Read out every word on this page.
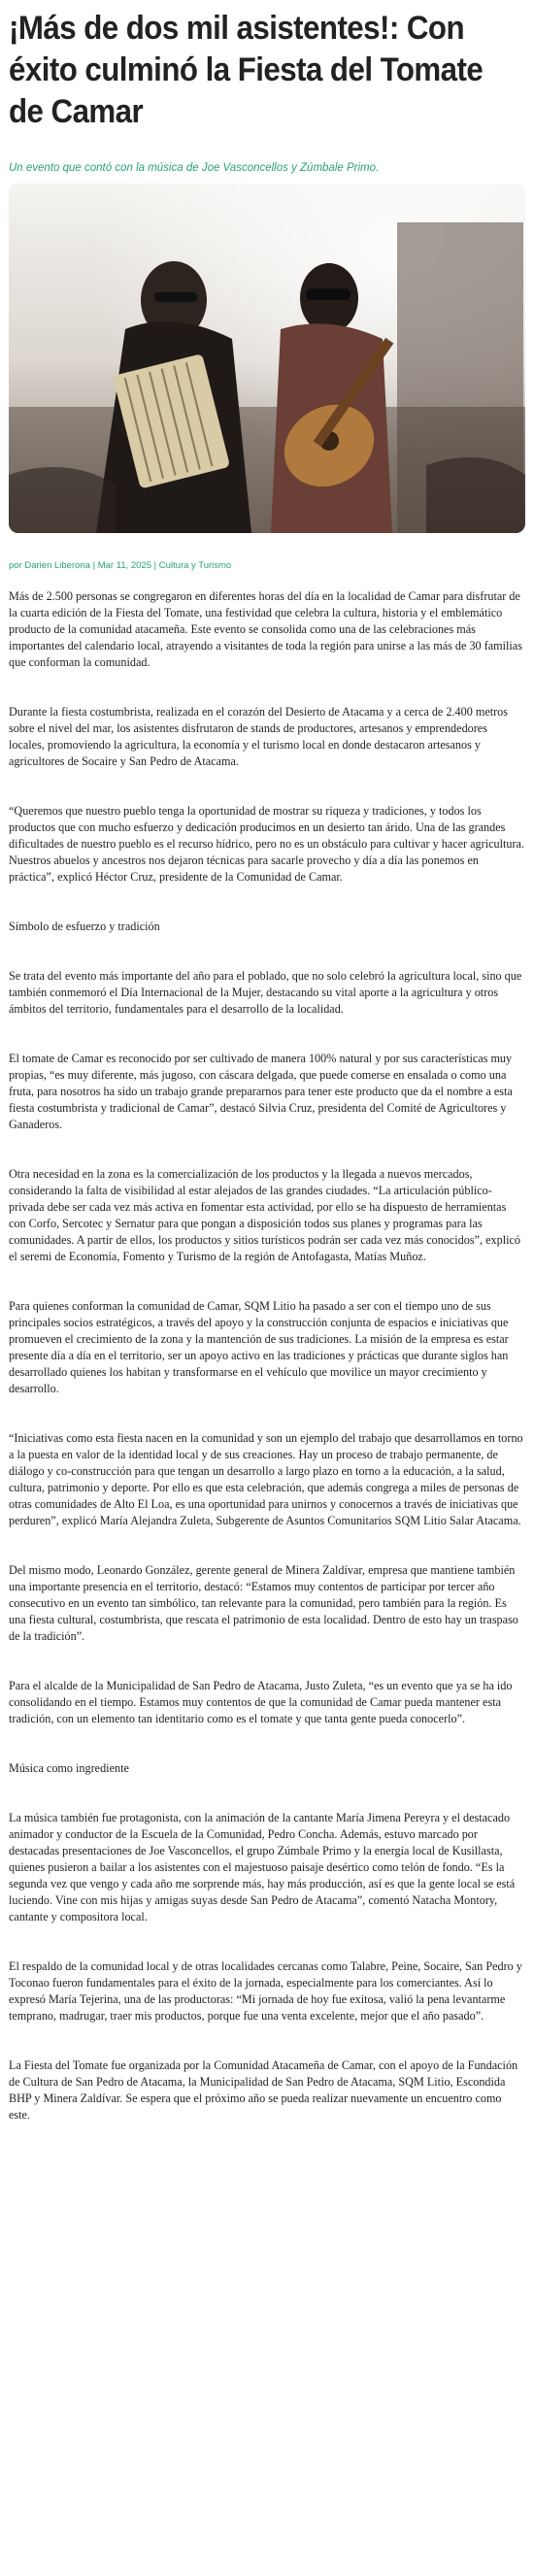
¡Más de dos mil asistentes!: Con éxito culminó la Fiesta del Tomate de Camar
Un evento que contó con la música de Joe Vasconcellos y Zúmbale Primo.
por Darien Liberona | Mar 11, 2025 | Cultura y Turismo

Más de 2.500 personas se congregaron en diferentes horas del día en la localidad de Camar para disfrutar de la cuarta edición de la Fiesta del Tomate, una festividad que celebra la cultura, historia y el emblemático producto de la comunidad atacameña. Este evento se consolida como una de las celebraciones más importantes del calendario local, atrayendo a visitantes de toda la región para unirse a las más de 30 familias que conforman la comunidad.

Durante la fiesta costumbrista, realizada en el corazón del Desierto de Atacama y a cerca de 2.400 metros sobre el nivel del mar, los asistentes disfrutaron de stands de productores, artesanos y emprendedores locales, promoviendo la agricultura, la economía y el turismo local en donde destacaron artesanos y agricultores de Socaire y San Pedro de Atacama.

“Queremos que nuestro pueblo tenga la oportunidad de mostrar su riqueza y tradiciones, y todos los productos que con mucho esfuerzo y dedicación producimos en un desierto tan árido. Una de las grandes dificultades de nuestro pueblo es el recurso hídrico, pero no es un obstáculo para cultivar y hacer agricultura. Nuestros abuelos y ancestros nos dejaron técnicas para sacarle provecho y día a día las ponemos en práctica”, explicó Héctor Cruz, presidente de la Comunidad de Camar.

Símbolo de esfuerzo y tradición

Se trata del evento más importante del año para el poblado, que no solo celebró la agricultura local, sino que también conmemoró el Día Internacional de la Mujer, destacando su vital aporte a la agricultura y otros ámbitos del territorio, fundamentales para el desarrollo de la localidad.

El tomate de Camar es reconocido por ser cultivado de manera 100% natural y por sus características muy propias, “es muy diferente, más jugoso, con cáscara delgada, que puede comerse en ensalada o como una fruta, para nosotros ha sido un trabajo grande prepararnos para tener este producto que da el nombre a esta fiesta costumbrista y tradicional de Camar”, destacó Silvia Cruz, presidenta del Comité de Agricultores y Ganaderos.

Otra necesidad en la zona es la comercialización de los productos y la llegada a nuevos mercados, considerando la falta de visibilidad al estar alejados de las grandes ciudades. “La articulación público-privada debe ser cada vez más activa en fomentar esta actividad, por ello se ha dispuesto de herramientas con Corfo, Sercotec y Sernatur para que pongan a disposición todos sus planes y programas para las comunidades. A partir de ellos, los productos y sitios turísticos podrán ser cada vez más conocidos”, explicó el seremi de Economía, Fomento y Turismo de la región de Antofagasta, Matías Muñoz.

Para quienes conforman la comunidad de Camar, SQM Litio ha pasado a ser con el tiempo uno de sus principales socios estratégicos, a través del apoyo y la construcción conjunta de espacios e iniciativas que promueven el crecimiento de la zona y la mantención de sus tradiciones. La misión de la empresa es estar presente día a día en el territorio, ser un apoyo activo en las tradiciones y prácticas que durante siglos han desarrollado quienes los habitan y transformarse en el vehículo que movilice un mayor crecimiento y desarrollo.

“Iniciativas como esta fiesta nacen en la comunidad y son un ejemplo del trabajo que desarrollamos en torno a la puesta en valor de la identidad local y de sus creaciones. Hay un proceso de trabajo permanente, de diálogo y co-construcción para que tengan un desarrollo a largo plazo en torno a la educación, a la salud, cultura, patrimonio y deporte. Por ello es que esta celebración, que además congrega a miles de personas de otras comunidades de Alto El Loa, es una oportunidad para unirnos y conocernos a través de iniciativas que perduren”, explicó María Alejandra Zuleta, Subgerente de Asuntos Comunitarios SQM Litio Salar Atacama.

Del mismo modo, Leonardo González, gerente general de Minera Zaldívar, empresa que mantiene también una importante presencia en el territorio, destacó: “Estamos muy contentos de participar por tercer año consecutivo en un evento tan simbólico, tan relevante para la comunidad, pero también para la región. Es una fiesta cultural, costumbrista, que rescata el patrimonio de esta localidad. Dentro de esto hay un traspaso de la tradición”.

Para el alcalde de la Municipalidad de San Pedro de Atacama, Justo Zuleta, “es un evento que ya se ha ido consolidando en el tiempo. Estamos muy contentos de que la comunidad de Camar pueda mantener esta tradición, con un elemento tan identitario como es el tomate y que tanta gente pueda conocerlo”.

Música como ingrediente

La música también fue protagonista, con la animación de la cantante María Jimena Pereyra y el destacado animador y conductor de la Escuela de la Comunidad, Pedro Concha. Además, estuvo marcado por destacadas presentaciones de Joe Vasconcellos, el grupo Zúmbale Primo y la energía local de Kusillasta, quienes pusieron a bailar a los asistentes con el majestuoso paisaje desértico como telón de fondo. “Es la segunda vez que vengo y cada año me sorprende más, hay más producción, así es que la gente local se está luciendo. Vine con mis hijas y amigas suyas desde San Pedro de Atacama”, comentó Natacha Montory, cantante y compositora local.

El respaldo de la comunidad local y de otras localidades cercanas como Talabre, Peine, Socaire, San Pedro y Toconao fueron fundamentales para el éxito de la jornada, especialmente para los comerciantes. Así lo expresó María Tejerina, una de las productoras: “Mi jornada de hoy fue exitosa, valió la pena levantarme temprano, madrugar, traer mis productos, porque fue una venta excelente, mejor que el año pasado”.

La Fiesta del Tomate fue organizada por la Comunidad Atacameña de Camar, con el apoyo de la Fundación de Cultura de San Pedro de Atacama, la Municipalidad de San Pedro de Atacama, SQM Litio, Escondida BHP y Minera Zaldívar. Se espera que el próximo año se pueda realizar nuevamente un encuentro como este.
